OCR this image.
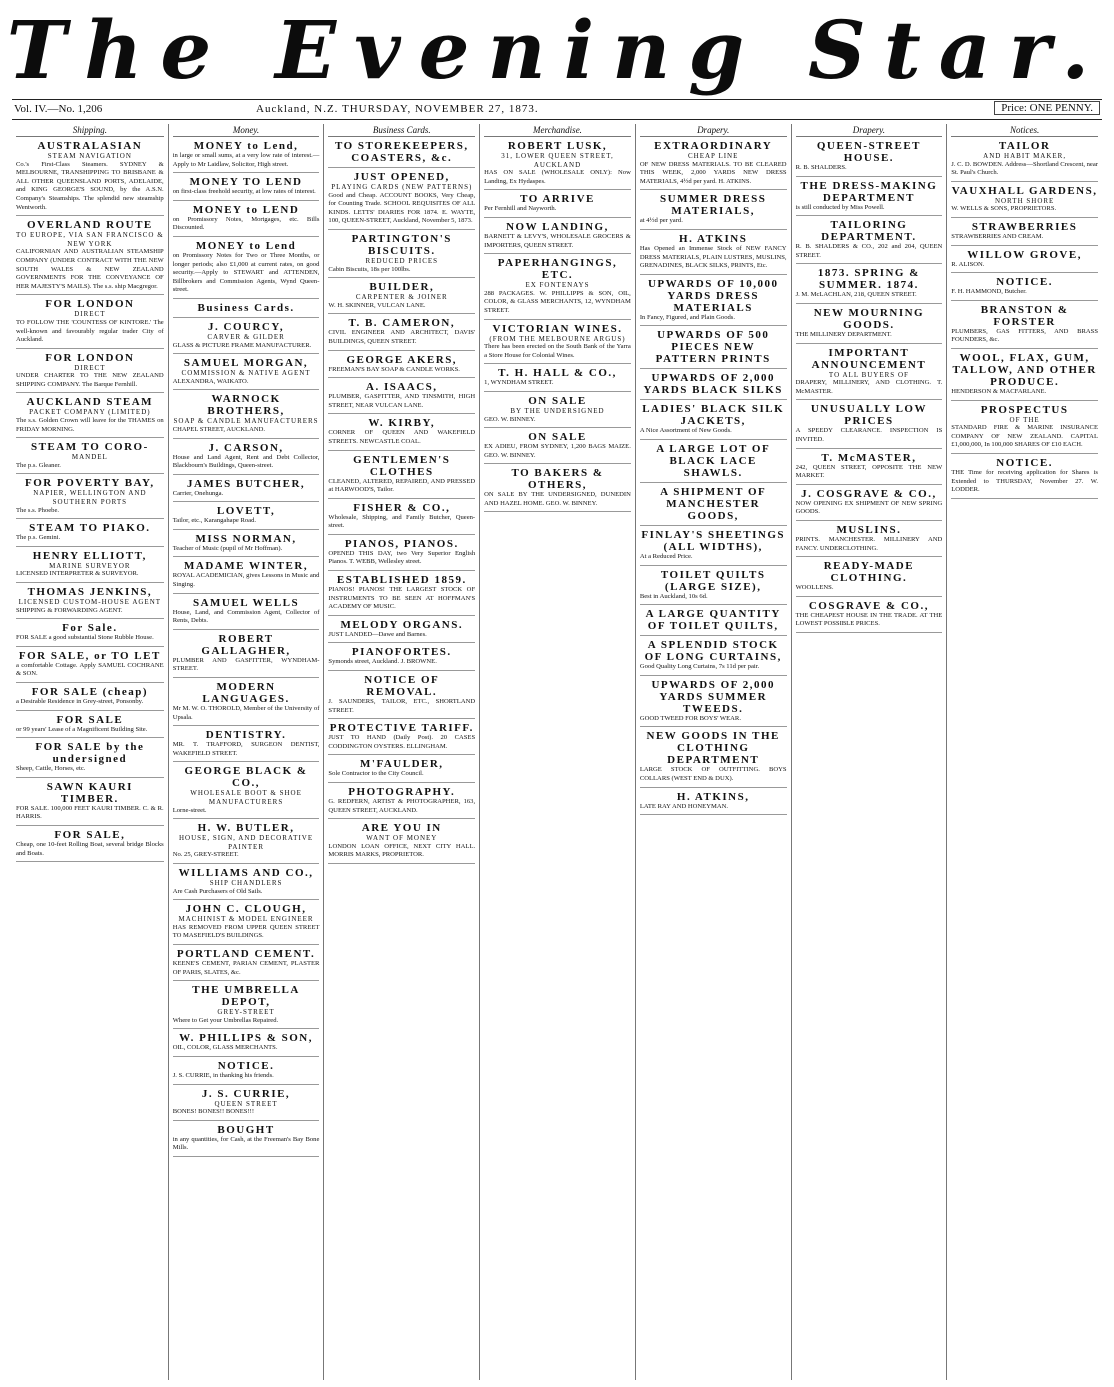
The Evening Star.
Vol. IV.—No. 1,206	Auckland, N.Z. THURSDAY, NOVEMBER 27, 1873.	Price: ONE PENNY.
Shipping.
AUSTRALASIAN
STEAM NAVIGATION

Co.'s First-Class Steamers. SYDNEY & MELBOURNE, TRANSHIPPING TO BRISBANE & ALL OTHER QUEENSLAND PORTS, ADELAIDE, and KING GEORGE'S SOUND, by the A.S.N. Company's Steamships. The splendid new steamship Wentworth.

OVERLAND ROUTE
TO EUROPE, VIA SAN FRANCISCO & NEW YORK

CALIFORNIAN AND AUSTRALIAN STEAMSHIP COMPANY (UNDER CONTRACT WITH THE NEW SOUTH WALES & NEW ZEALAND GOVERNMENTS FOR THE CONVEYANCE OF HER MAJESTY'S MAILS). The s.s. ship Macgregor.

FOR LONDON
DIRECT

TO FOLLOW THE 'COUNTESS OF KINTORE.' The well-known and favourably regular trader City of Auckland.

FOR LONDON
DIRECT

UNDER CHARTER TO THE NEW ZEALAND SHIPPING COMPANY. The Barque Fernhill.

AUCKLAND STEAM
PACKET COMPANY (LIMITED)

The s.s. Golden Crown will leave for the THAMES on FRIDAY MORNING.

STEAM TO CORO-
MANDEL

The p.s. Gleaner.

FOR POVERTY BAY,
NAPIER, WELLINGTON AND SOUTHERN PORTS

The s.s. Phoebe.

STEAM TO PIAKO.

The p.s. Gemini.

HENRY ELLIOTT,
MARINE SURVEYOR

LICENSED INTERPRETER & SURVEYOR.

THOMAS JENKINS,
LICENSED CUSTOM-HOUSE AGENT

SHIPPING & FORWARDING AGENT.

For Sale.

FOR SALE a good substantial Stone Rubble House.

FOR SALE, or TO LET

a comfortable Cottage. Apply SAMUEL COCHRANE & SON.

FOR SALE (cheap)

a Desirable Residence in Grey-street, Ponsonby.

FOR SALE

or 99 years' Lease of a Magnificent Building Site.

FOR SALE by the undersigned

Sheep, Cattle, Horses, etc.

SAWN KAURI TIMBER.

FOR SALE. 100,000 FEET KAURI TIMBER. C. & R. HARRIS.

FOR SALE,

Cheap, one 10-feet Rolling Boat, several bridge Blocks and Boats.

Money.
MONEY to Lend,

in large or small sums, at a very low rate of interest.—Apply to Mr Laidlaw, Solicitor, High street.

MONEY TO LEND

on first-class freehold security, at low rates of interest.

MONEY to LEND

on Promissory Notes, Mortgages, etc. Bills Discounted.

MONEY to Lend

on Promissory Notes for Two or Three Months, or longer periods; also £1,000 at current rates, on good security.—Apply to STEWART and ATTENDEN, Billbrokers and Commission Agents, Wynd Queen-street.

Business Cards.
J. COURCY,
CARVER & GILDER

GLASS & PICTURE FRAME MANUFACTURER.

SAMUEL MORGAN,
COMMISSION & NATIVE AGENT

ALEXANDRA, WAIKATO.

WARNOCK BROTHERS,
SOAP & CANDLE MANUFACTURERS

CHAPEL STREET, AUCKLAND.

J. CARSON,

House and Land Agent, Rent and Debt Collector, Blackbourn's Buildings, Queen-street.

JAMES BUTCHER,

Carrier, Onehunga.

LOVETT,

Tailor, etc., Karangahape Road.

MISS NORMAN,

Teacher of Music (pupil of Mr Hoffman).

MADAME WINTER,

ROYAL ACADEMICIAN, gives Lessons in Music and Singing.

SAMUEL WELLS

House, Land, and Commission Agent, Collector of Rents, Debts.

ROBERT GALLAGHER,

PLUMBER AND GASFITTER, WYNDHAM-STREET.

MODERN LANGUAGES.

Mr M. W. O. THOROLD, Member of the University of Upsala.

DENTISTRY.

MR. T. TRAFFORD, SURGEON DENTIST, WAKEFIELD STREET.

GEORGE BLACK & CO.,
WHOLESALE BOOT & SHOE MANUFACTURERS

Lorne-street.

H. W. BUTLER,
HOUSE, SIGN, AND DECORATIVE PAINTER

No. 25, GREY-STREET.

WILLIAMS AND CO.,
SHIP CHANDLERS

Are Cash Purchasers of Old Sails.

JOHN C. CLOUGH,
MACHINIST & MODEL ENGINEER

HAS REMOVED FROM UPPER QUEEN STREET TO MASEFIELD'S BUILDINGS.

PORTLAND CEMENT.

KEENE'S CEMENT, PARIAN CEMENT, PLASTER OF PARIS, SLATES, &c.

THE UMBRELLA DEPOT,
GREY-STREET

Where to Get your Umbrellas Repaired.

W. PHILLIPS & SON,

OIL, COLOR, GLASS MERCHANTS.

NOTICE.

J. S. CURRIE, in thanking his friends.

J. S. CURRIE,
QUEEN STREET

BONES! BONES!! BONES!!!

BOUGHT

in any quantities, for Cash, at the Freeman's Bay Bone Mills.

Business Cards.
TO STOREKEEPERS, COASTERS, &c.
JUST OPENED,
PLAYING CARDS (NEW PATTERNS)

Good and Cheap. ACCOUNT BOOKS, Very Cheap, for Counting Trade. SCHOOL REQUISITES OF ALL KINDS. LETTS' DIARIES FOR 1874. E. WAYTE, 100, QUEEN-STREET, Auckland, November 5, 1873.

PARTINGTON'S BISCUITS.
REDUCED PRICES

Cabin Biscuits, 18s per 100lbs.

BUILDER,
CARPENTER & JOINER

W. H. SKINNER, VULCAN LANE.

T. B. CAMERON,

CIVIL ENGINEER AND ARCHITECT, DAVIS' BUILDINGS, QUEEN STREET.

GEORGE AKERS,

FREEMAN'S BAY SOAP & CANDLE WORKS.

A. ISAACS,

PLUMBER, GASFITTER, AND TINSMITH, HIGH STREET, NEAR VULCAN LANE.

W. KIRBY,

CORNER OF QUEEN AND WAKEFIELD STREETS. NEWCASTLE COAL.

GENTLEMEN'S CLOTHES

CLEANED, ALTERED, REPAIRED, AND PRESSED at HARWOOD'S, Tailor.

FISHER & CO.,

Wholesale, Shipping, and Family Butcher, Queen-street.

PIANOS, PIANOS.

OPENED THIS DAY, two Very Superior English Pianos. T. WEBB, Wellesley street.

ESTABLISHED 1859.

PIANOS! PIANOS! THE LARGEST STOCK OF INSTRUMENTS TO BE SEEN AT HOFFMAN'S ACADEMY OF MUSIC.

MELODY ORGANS.

JUST LANDED—Dawe and Barnes.

PIANOFORTES.

Symonds street, Auckland. J. BROWNE.

NOTICE OF REMOVAL.

J. SAUNDERS, TAILOR, ETC., SHORTLAND STREET.

PROTECTIVE TARIFF.

JUST TO HAND (Daily Post). 20 CASES CODDINGTON OYSTERS. ELLINGHAM.

M'FAULDER,

Sole Contractor to the City Council.

PHOTOGRAPHY.

G. REDFERN, ARTIST & PHOTOGRAPHER, 163, QUEEN STREET, AUCKLAND.

ARE YOU IN
WANT OF MONEY

LONDON LOAN OFFICE, NEXT CITY HALL. MORRIS MARKS, PROPRIETOR.

Merchandise.
ROBERT LUSK,
31, LOWER QUEEN STREET, AUCKLAND

HAS ON SALE (WHOLESALE ONLY): Now Landing, Ex Hydaspes.

TO ARRIVE

Per Fernhill and Nayworth.

NOW LANDING,

BARNETT & LEVY'S, WHOLESALE GROCERS & IMPORTERS, QUEEN STREET.

PAPERHANGINGS, ETC.
EX FONTENAYS

288 PACKAGES. W. PHILLIPPS & SON, OIL, COLOR, & GLASS MERCHANTS, 12, WYNDHAM STREET.

VICTORIAN WINES.
(FROM THE MELBOURNE ARGUS)

There has been erected on the South Bank of the Yarra a Store House for Colonial Wines.

T. H. HALL & CO.,

1, WYNDHAM STREET.

ON SALE
BY THE UNDERSIGNED

GEO. W. BINNEY.

ON SALE

EX ADIEU, FROM SYDNEY, 1,200 BAGS MAIZE. GEO. W. BINNEY.

TO BAKERS & OTHERS,

ON SALE BY THE UNDERSIGNED, DUNEDIN AND HAZEL HOME. GEO. W. BINNEY.

Drapery.
EXTRAORDINARY
CHEAP LINE

OF NEW DRESS MATERIALS. TO BE CLEARED THIS WEEK, 2,000 YARDS NEW DRESS MATERIALS, 4½d per yard. H. ATKINS.

SUMMER DRESS MATERIALS,

at 4½d per yard.

H. ATKINS

Has Opened an Immense Stock of NEW FANCY DRESS MATERIALS, PLAIN LUSTRES, MUSLINS, GRENADINES, BLACK SILKS, PRINTS, Etc.

UPWARDS OF 10,000 YARDS DRESS MATERIALS

In Fancy, Figured, and Plain Goods.

UPWARDS OF 500 PIECES NEW PATTERN PRINTS
UPWARDS OF 2,000 YARDS BLACK SILKS
LADIES' BLACK SILK JACKETS,

A Nice Assortment of New Goods.

A LARGE LOT OF BLACK LACE SHAWLS.
A SHIPMENT OF MANCHESTER GOODS,
FINLAY'S SHEETINGS (ALL WIDTHS),

At a Reduced Price.

TOILET QUILTS (LARGE SIZE),

Best in Auckland, 10s 6d.

A LARGE QUANTITY OF TOILET QUILTS,
A SPLENDID STOCK OF LONG CURTAINS,

Good Quality Long Curtains, 7s 11d per pair.

UPWARDS OF 2,000 YARDS SUMMER TWEEDS.

GOOD TWEED FOR BOYS' WEAR.

NEW GOODS IN THE CLOTHING DEPARTMENT

LARGE STOCK OF OUTFITTING. BOYS COLLARS (WEST END & DUX).

H. ATKINS,

LATE RAY AND HONEYMAN.

Drapery.
QUEEN-STREET HOUSE.

R. B. SHALDERS.

THE DRESS-MAKING DEPARTMENT

is still conducted by Miss Powell.

TAILORING DEPARTMENT.

R. B. SHALDERS & CO., 202 and 204, QUEEN STREET.

1873. SPRING & SUMMER. 1874.

J. M. McLACHLAN, 218, QUEEN STREET.

NEW MOURNING GOODS.

THE MILLINERY DEPARTMENT.

IMPORTANT ANNOUNCEMENT
TO ALL BUYERS OF

DRAPERY, MILLINERY, AND CLOTHING. T. McMASTER.

UNUSUALLY LOW PRICES

A SPEEDY CLEARANCE. INSPECTION IS INVITED.

T. McMASTER,

242, QUEEN STREET, OPPOSITE THE NEW MARKET.

J. COSGRAVE & CO.,

NOW OPENING EX SHIPMENT OF NEW SPRING GOODS.

MUSLINS.

PRINTS. MANCHESTER. MILLINERY AND FANCY. UNDERCLOTHING.

READY-MADE CLOTHING.

WOOLLENS.

COSGRAVE & CO.,

THE CHEAPEST HOUSE IN THE TRADE. AT THE LOWEST POSSIBLE PRICES.

Notices.
TAILOR
AND HABIT MAKER,

J. C. D. BOWDEN. Address—Shortland Crescent, near St. Paul's Church.

VAUXHALL GARDENS,
NORTH SHORE

W. WELLS & SONS, PROPRIETORS.

STRAWBERRIES

STRAWBERRIES AND CREAM.

WILLOW GROVE,

R. ALISON.

NOTICE.

F. H. HAMMOND, Butcher.

BRANSTON & FORSTER

PLUMBERS, GAS FITTERS, AND BRASS FOUNDERS, &c.

WOOL, FLAX, GUM, TALLOW, AND OTHER PRODUCE.

HENDERSON & MACFARLANE.

PROSPECTUS
OF THE

STANDARD FIRE & MARINE INSURANCE COMPANY OF NEW ZEALAND. CAPITAL £1,000,000, In 100,000 SHARES OF £10 EACH.

NOTICE.

THE Time for receiving application for Shares is Extended to THURSDAY, November 27. W. LODDER.
